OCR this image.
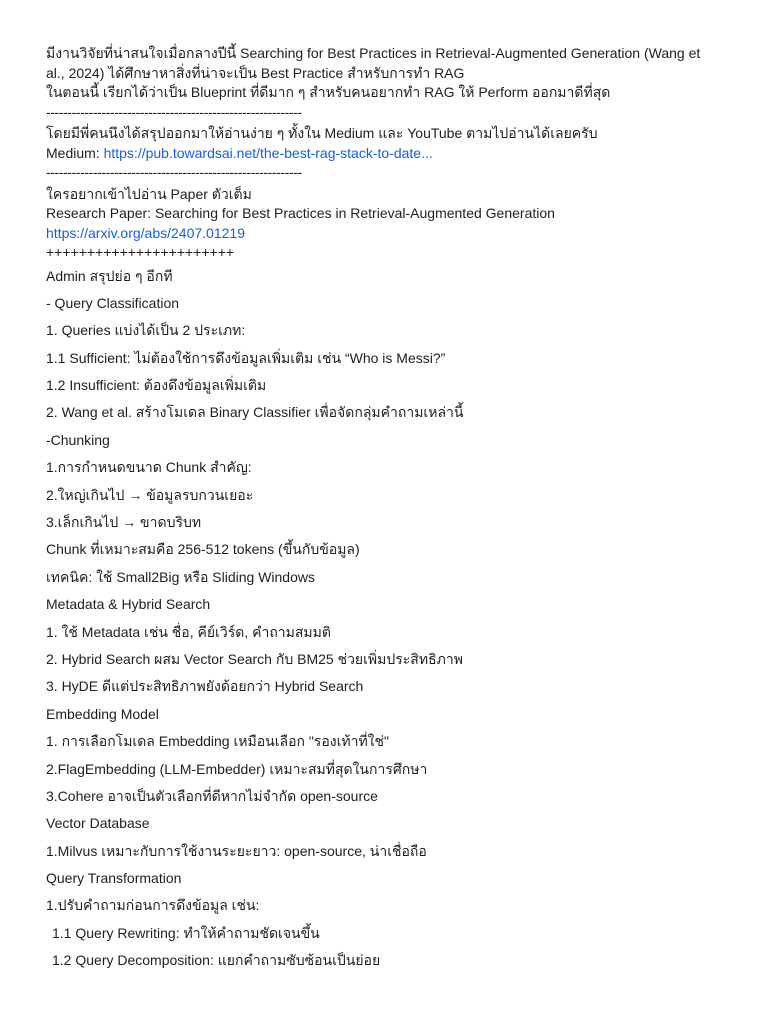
มีงานวิจัยที่น่าสนใจเมื่อกลางปีนี้ Searching for Best Practices in Retrieval-Augmented Generation (Wang et

al., 2024) ได้ศึกษาหาสิ่งที่น่าจะเป็น Best Practice สำหรับการทำ RAG

ในตอนนี้ เรียกได้ว่าเป็น Blueprint ที่ดีมาก ๆ สำหรับคนอยากทำ RAG ให้ Perform ออกมาดีที่สุด

------------------------------------------------------------

โดยมีพี่คนนึงได้สรุปออกมาให้อ่านง่าย ๆ ทั้งใน Medium และ YouTube ตามไปอ่านได้เลยครับ

Medium: https://pub.towardsai.net/the-best-rag-stack-to-date...

------------------------------------------------------------

ใครอยากเข้าไปอ่าน Paper ตัวเต็ม

Research Paper: Searching for Best Practices in Retrieval-Augmented Generation

https://arxiv.org/abs/2407.01219

+++++++++++++++++++++++

Admin สรุปย่อ ๆ อีกที

- Query Classification

1. Queries แบ่งได้เป็น 2 ประเภท:

1.1 Sufficient: ไม่ต้องใช้การดึงข้อมูลเพิ่มเติม เช่น “Who is Messi?”

1.2 Insufficient: ต้องดึงข้อมูลเพิ่มเติม

2. Wang et al. สร้างโมเดล Binary Classifier เพื่อจัดกลุ่มคำถามเหล่านี้

-Chunking

1.การกำหนดขนาด Chunk สำคัญ:

2.ใหญ่เกินไป → ข้อมูลรบกวนเยอะ

3.เล็กเกินไป → ขาดบริบท

Chunk ที่เหมาะสมคือ 256-512 tokens (ขึ้นกับข้อมูล)

เทคนิค: ใช้ Small2Big หรือ Sliding Windows

Metadata & Hybrid Search

1. ใช้ Metadata เช่น ชื่อ, คีย์เวิร์ด, คำถามสมมติ

2. Hybrid Search ผสม Vector Search กับ BM25 ช่วยเพิ่มประสิทธิภาพ

3. HyDE ดีแต่ประสิทธิภาพยังด้อยกว่า Hybrid Search

Embedding Model

1. การเลือกโมเดล Embedding เหมือนเลือก "รองเท้าที่ใช่"

2.FlagEmbedding (LLM-Embedder) เหมาะสมที่สุดในการศึกษา

3.Cohere อาจเป็นตัวเลือกที่ดีหากไม่จำกัด open-source

Vector Database

1.Milvus เหมาะกับการใช้งานระยะยาว: open-source, น่าเชื่อถือ

Query Transformation

1.ปรับคำถามก่อนการดึงข้อมูล เช่น:

1.1 Query Rewriting: ทำให้คำถามชัดเจนขึ้น

1.2 Query Decomposition: แยกคำถามซับซ้อนเป็นย่อย
